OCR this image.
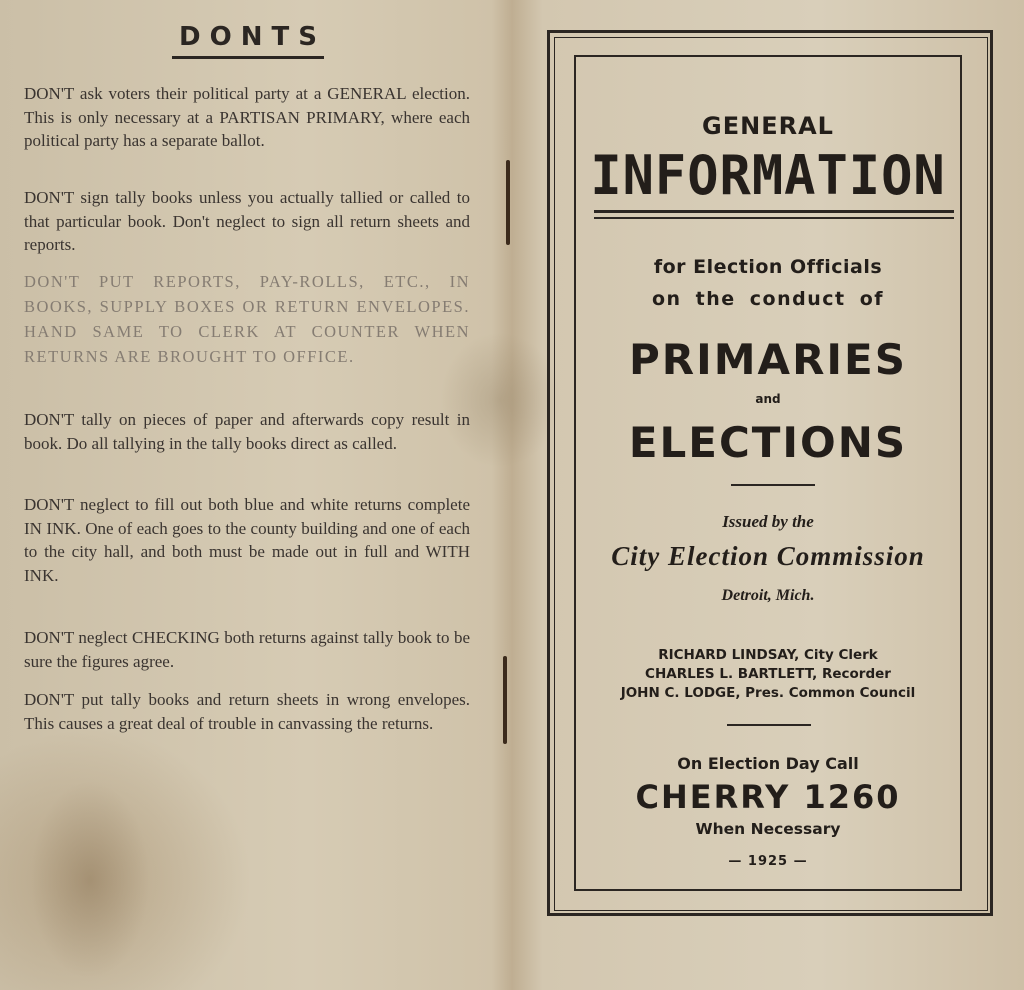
DONTS
DON'T ask voters their political party at a GENERAL election. This is only necessary at a PARTISAN PRIMARY, where each political party has a separate ballot.
DON'T sign tally books unless you actually tallied or called to that particular book. Don't neglect to sign all return sheets and reports.
DON'T PUT REPORTS, PAY-ROLLS, ETC., IN BOOKS, SUPPLY BOXES OR RETURN ENVELOPES. HAND SAME TO CLERK AT COUNTER WHEN RETURNS ARE BROUGHT TO OFFICE.
DON'T tally on pieces of paper and afterwards copy result in book. Do all tallying in the tally books direct as called.
DON'T neglect to fill out both blue and white returns complete IN INK. One of each goes to the county building and one of each to the city hall, and both must be made out in full and WITH INK.
DON'T neglect CHECKING both returns against tally book to be sure the figures agree.
DON'T put tally books and return sheets in wrong envelopes. This causes a great deal of trouble in canvassing the returns.
GENERAL
INFORMATION
for Election Officials
on the conduct of
PRIMARIES
and
ELECTIONS
Issued by the
City Election Commission
Detroit, Mich.
RICHARD LINDSAY, City Clerk
CHARLES L. BARTLETT, Recorder
JOHN C. LODGE, Pres. Common Council
On Election Day Call
CHERRY 1260
When Necessary
— 1925 —
